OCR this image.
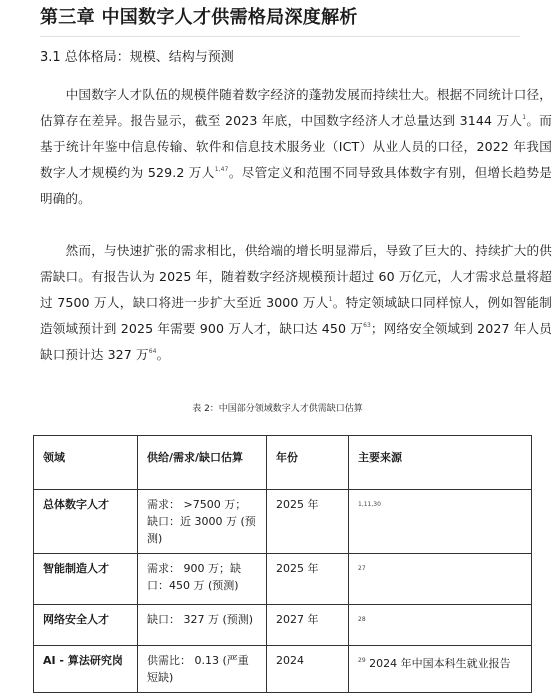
第三章 中国数字人才供需格局深度解析
3.1 总体格局：规模、结构与预测

　　中国数字人才队伍的规模伴随着数字经济的蓬勃发展而持续壮大。根据不同统计口径，估算存在差异。报告显示，截至 2023 年底，中国数字经济人才总量达到 3144 万人$^1$。而基于统计年鉴中信息传输、软件和信息技术服务业（ICT）从业人员的口径，2022 年我国数字人才规模约为 529.2 万人$^{1,47}$。尽管定义和范围不同导致具体数字有别，但增长趋势是明确的。

　　然而，与快速扩张的需求相比，供给端的增长明显滞后，导致了巨大的、持续扩大的供需缺口。有报告认为 2025 年，随着数字经济规模预计超过 60 万亿元，人才需求总量将超过 7500 万人，缺口将进一步扩大至近 3000 万人$^1$。特定领域缺口同样惊人，例如智能制造领域预计到 2025 年需要 900 万人才，缺口达 450 万$^{63}$；网络安全领域到 2027 年人员缺口预计达 327 万$^{64}$。

表 2：中国部分领域数字人才供需缺口估算
领域	供给/需求/缺口估算	年份	主要来源
总体数字人才	需求： >7500 万；缺口：近 3000 万 (预测)	2025 年	$^{1,11,30}$
智能制造人才	需求： 900 万；缺口：450 万 (预测)	2025 年	$^{27}$
网络安全人才	缺口： 327 万 (预测)	2027 年	$^{28}$
AI - 算法研究岗	供需比： 0.13 (严重短缺)	2024	$^{29}$ 2024 年中国本科生就业报告
